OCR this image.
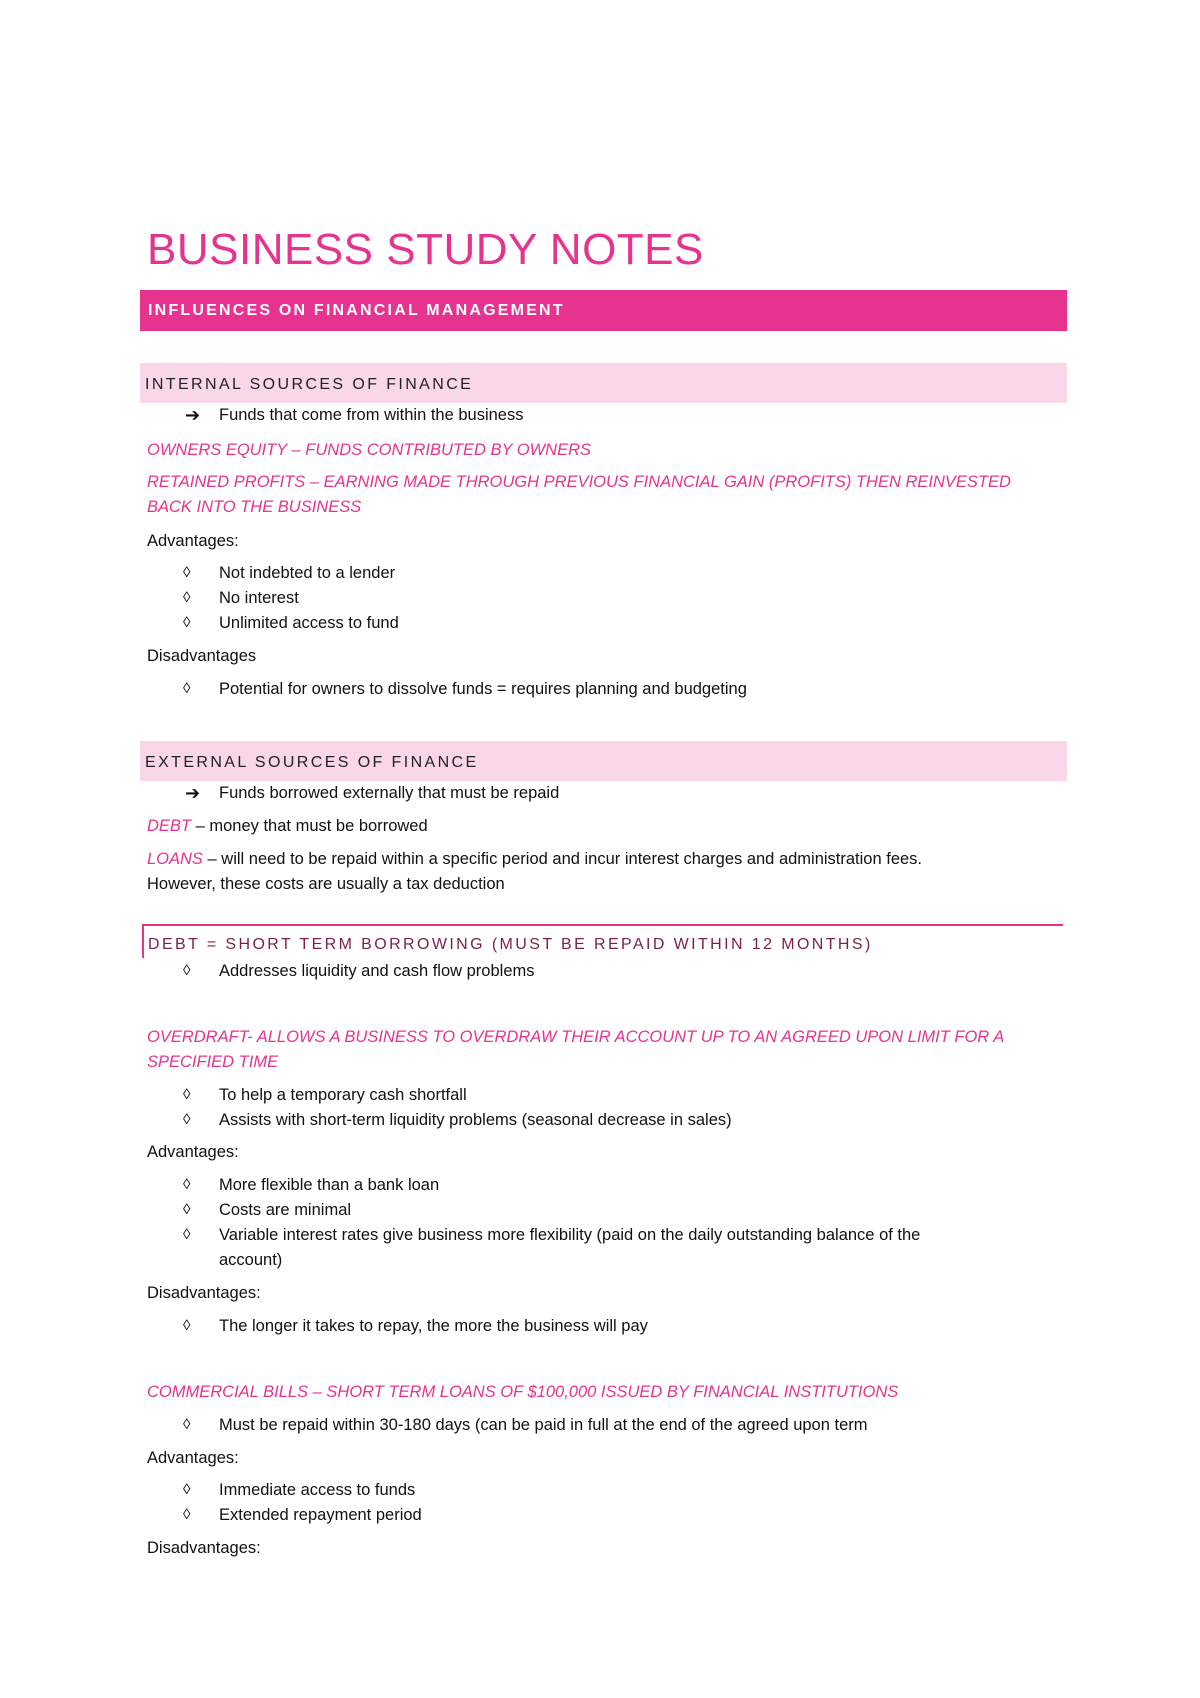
BUSINESS STUDY NOTES
INFLUENCES ON FINANCIAL MANAGEMENT
INTERNAL SOURCES OF FINANCE
➔ Funds that come from within the business
OWNERS EQUITY – FUNDS CONTRIBUTED BY OWNERS
RETAINED PROFITS – EARNING MADE THROUGH PREVIOUS FINANCIAL GAIN (PROFITS) THEN REINVESTED
BACK INTO THE BUSINESS
Advantages:
◊ Not indebted to a lender
◊ No interest
◊ Unlimited access to fund
Disadvantages
◊ Potential for owners to dissolve funds = requires planning and budgeting
EXTERNAL SOURCES OF FINANCE
➔ Funds borrowed externally that must be repaid
DEBT – money that must be borrowed
LOANS – will need to be repaid within a specific period and incur interest charges and administration fees.
However, these costs are usually a tax deduction
DEBT = SHORT TERM BORROWING (MUST BE REPAID WITHIN 12 MONTHS)
◊ Addresses liquidity and cash flow problems
OVERDRAFT- ALLOWS A BUSINESS TO OVERDRAW THEIR ACCOUNT UP TO AN AGREED UPON LIMIT FOR A
SPECIFIED TIME
◊ To help a temporary cash shortfall
◊ Assists with short-term liquidity problems (seasonal decrease in sales)
Advantages:
◊ More flexible than a bank loan
◊ Costs are minimal
◊ Variable interest rates give business more flexibility (paid on the daily outstanding balance of the
account)
Disadvantages:
◊ The longer it takes to repay, the more the business will pay
COMMERCIAL BILLS – SHORT TERM LOANS OF $100,000 ISSUED BY FINANCIAL INSTITUTIONS
◊ Must be repaid within 30-180 days (can be paid in full at the end of the agreed upon term
Advantages:
◊ Immediate access to funds
◊ Extended repayment period
Disadvantages:
